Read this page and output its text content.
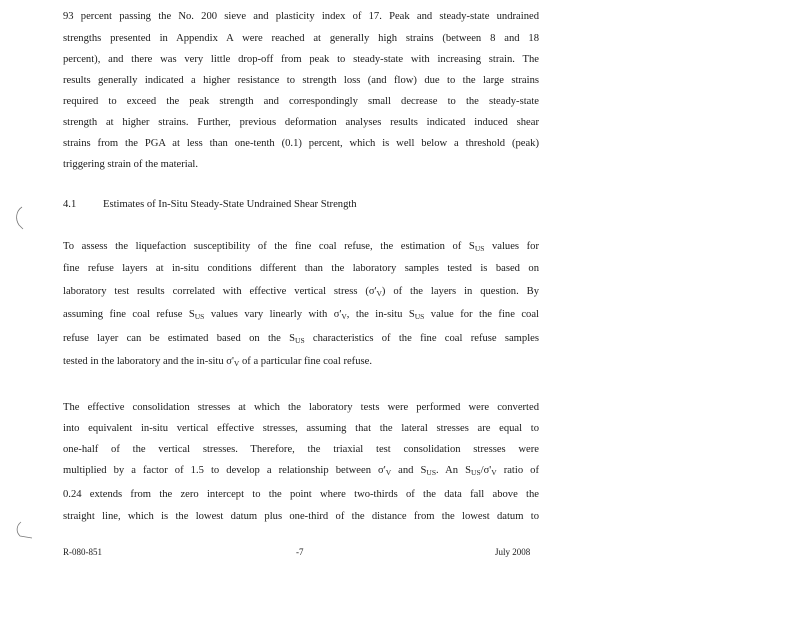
93 percent passing the No. 200 sieve and plasticity index of 17. Peak and steady-state undrained
strengths presented in Appendix A were reached at generally high strains (between 8 and 18
percent), and there was very little drop-off from peak to steady-state with increasing strain. The
results generally indicated a higher resistance to strength loss (and flow) due to the large strains
required to exceed the peak strength and correspondingly small decrease to the steady-state
strength at higher strains. Further, previous deformation analyses results indicated induced shear
strains from the PGA at less than one-tenth (0.1) percent, which is well below a threshold (peak)
triggering strain of the material.
4.1	Estimates of In-Situ Steady-State Undrained Shear Strength
To assess the liquefaction susceptibility of the fine coal refuse, the estimation of $S_{US}$ values for
fine refuse layers at in-situ conditions different than the laboratory samples tested is based on
laboratory test results correlated with effective vertical stress $(\sigma'_V)$ of the layers in question. By
assuming fine coal refuse $S_{US}$ values vary linearly with $\sigma'_V$, the in-situ $S_{US}$ value for the fine coal
refuse layer can be estimated based on the $S_{US}$ characteristics of the fine coal refuse samples
tested in the laboratory and the in-situ $\sigma'_V$ of a particular fine coal refuse.
The effective consolidation stresses at which the laboratory tests were performed were converted
into equivalent in-situ vertical effective stresses, assuming that the lateral stresses are equal to
one-half of the vertical stresses. Therefore, the triaxial test consolidation stresses were
multiplied by a factor of 1.5 to develop a relationship between $\sigma'_V$ and $S_{US}$. An $S_{US}/\sigma'_V$ ratio of
0.24 extends from the zero intercept to the point where two-thirds of the data fall above the
straight line, which is the lowest datum plus one-third of the distance from the lowest datum to
R-080-851	-7	July 2008
